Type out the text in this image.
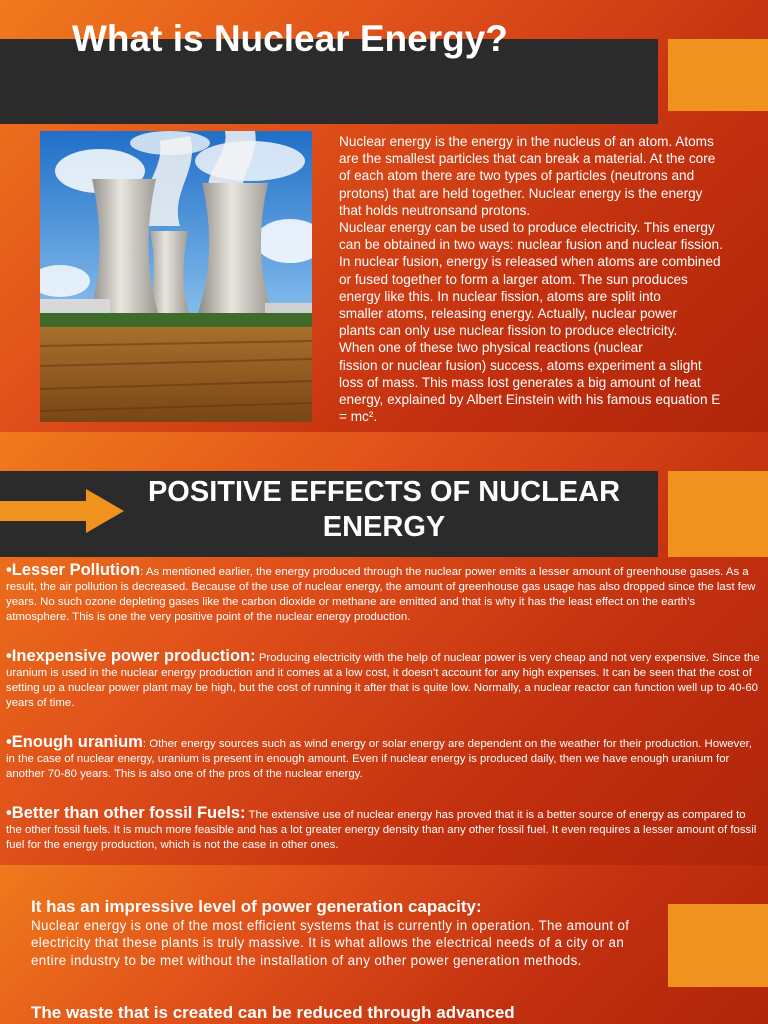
What is Nuclear Energy?
Nuclear energy is the energy in the nucleus of an atom. Atoms
are the smallest particles that can break a material. At the core
of each atom there are two types of particles (neutrons and
protons) that are held together. Nuclear energy is the energy
that holds neutronsand protons.
Nuclear energy can be used to produce electricity. This energy
can be obtained in two ways: nuclear fusion and nuclear fission.
In nuclear fusion, energy is released when atoms are combined
or fused together to form a larger atom. The sun produces
energy like this. In nuclear fission, atoms are split into
smaller atoms, releasing energy. Actually, nuclear power
plants can only use nuclear fission to produce electricity.
When one of these two physical reactions (nuclear
fission or nuclear fusion) success, atoms experiment a slight
loss of mass. This mass lost generates a big amount of heat
energy, explained by Albert Einstein with his famous equation E
= mc².
POSITIVE EFFECTS OF NUCLEAR
ENERGY
•Lesser Pollution: As mentioned earlier, the energy produced through the nuclear power emits a lesser amount of greenhouse gases. As a result, the air pollution is decreased. Because of the use of nuclear energy, the amount of greenhouse gas usage has also dropped since the last few years. No such ozone depleting gases like the carbon dioxide or methane are emitted and that is why it has the least effect on the earth’s atmosphere. This is one the very positive point of the nuclear energy production.
•Inexpensive power production: Producing electricity with the help of nuclear power is very cheap and not very expensive. Since the uranium is used in the nuclear energy production and it comes at a low cost, it doesn’t account for any high expenses. It can be seen that the cost of setting up a nuclear power plant may be high, but the cost of running it after that is quite low. Normally, a nuclear reactor can function well up to 40-60 years of time.
•Enough uranium: Other energy sources such as wind energy or solar energy are dependent on the weather for their production. However, in the case of nuclear energy, uranium is present in enough amount. Even if nuclear energy is produced daily, then we have enough uranium for another 70-80 years. This is also one of the pros of the nuclear energy.
•Better than other fossil Fuels: The extensive use of nuclear energy has proved that it is a better source of energy as compared to the other fossil fuels. It is much more feasible and has a lot greater energy density than any other fossil fuel. It even requires a lesser amount of fossil fuel for the energy production, which is not the case in other ones.
It has an impressive level of power generation capacity:
Nuclear energy is one of the most efficient systems that is currently in operation. The amount of electricity that these plants is truly massive. It is what allows the electrical needs of a city or an entire industry to be met without the installation of any other power generation methods.
The waste that is created can be reduced through advanced
